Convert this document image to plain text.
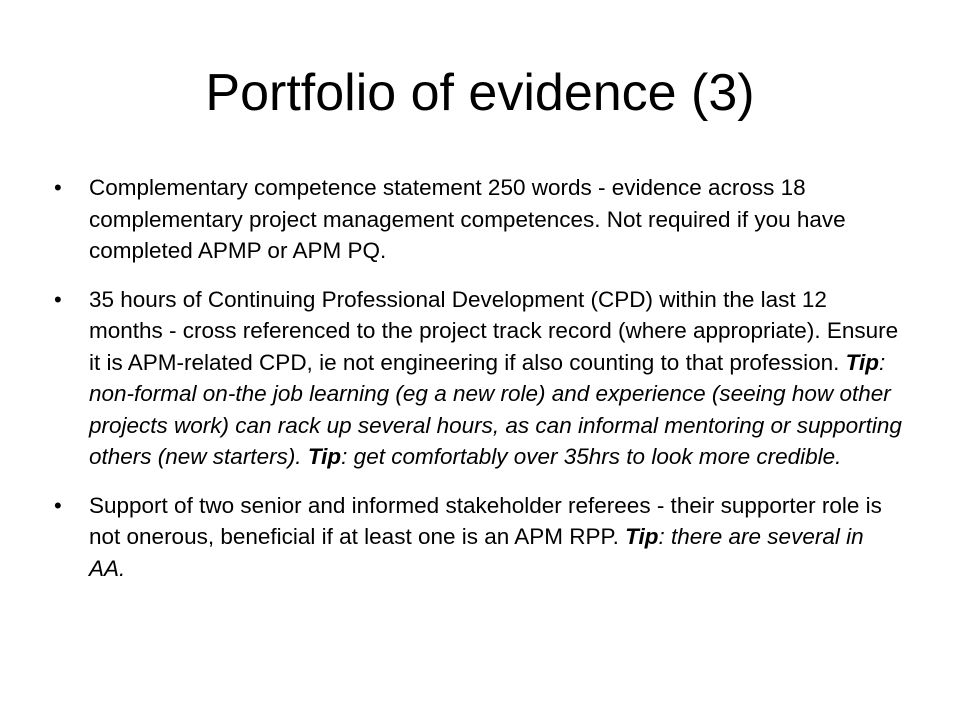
Portfolio of evidence (3)
• Complementary competence statement 250 words - evidence across 18 complementary project management competences. Not required if you have completed APMP or APM PQ.
• 35 hours of Continuing Professional Development (CPD) within the last 12 months - cross referenced to the project track record (where appropriate). Ensure it is APM-related CPD, ie not engineering if also counting to that profession. Tip: non-formal on-the job learning (eg a new role) and experience (seeing how other projects work) can rack up several hours, as can informal mentoring or supporting others (new starters). Tip: get comfortably over 35hrs to look more credible.
• Support of two senior and informed stakeholder referees - their supporter role is not onerous, beneficial if at least one is an APM RPP. Tip: there are several in AA.
